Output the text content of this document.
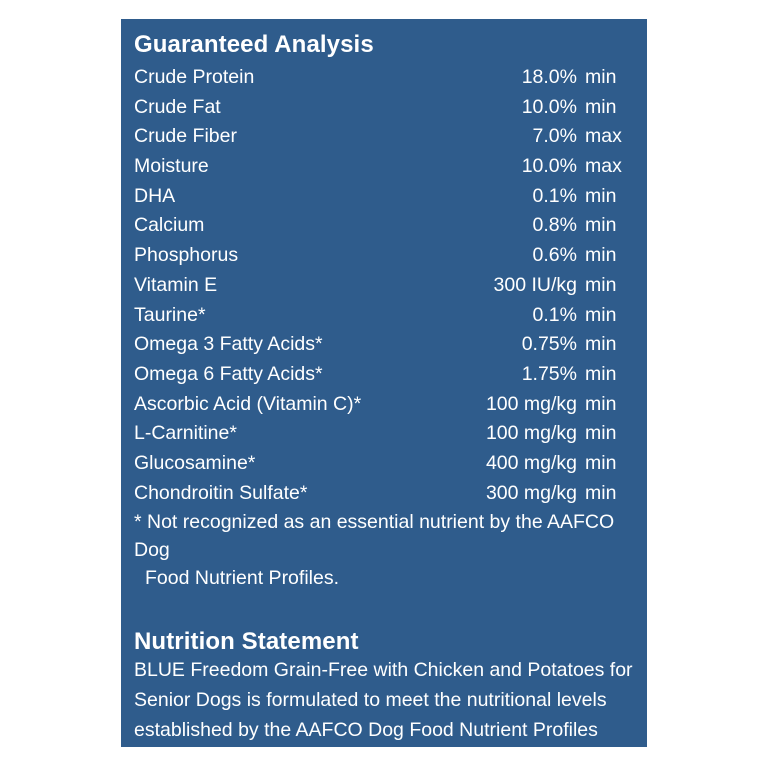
Guaranteed Analysis
Crude Protein	18.0% min
Crude Fat	10.0% min
Crude Fiber	7.0% max
Moisture	10.0% max
DHA	0.1% min
Calcium	0.8% min
Phosphorus	0.6% min
Vitamin E	300 IU/kg min
Taurine*	0.1% min
Omega 3 Fatty Acids*	0.75% min
Omega 6 Fatty Acids*	1.75% min
Ascorbic Acid (Vitamin C)*	100 mg/kg min
L-Carnitine*	100 mg/kg min
Glucosamine*	400 mg/kg min
Chondroitin Sulfate*	300 mg/kg min
* Not recognized as an essential nutrient by the AAFCO Dog
Food Nutrient Profiles.
Nutrition Statement
BLUE Freedom Grain-Free with Chicken and Potatoes for
Senior Dogs is formulated to meet the nutritional levels
established by the AAFCO Dog Food Nutrient Profiles
for maintenance.
